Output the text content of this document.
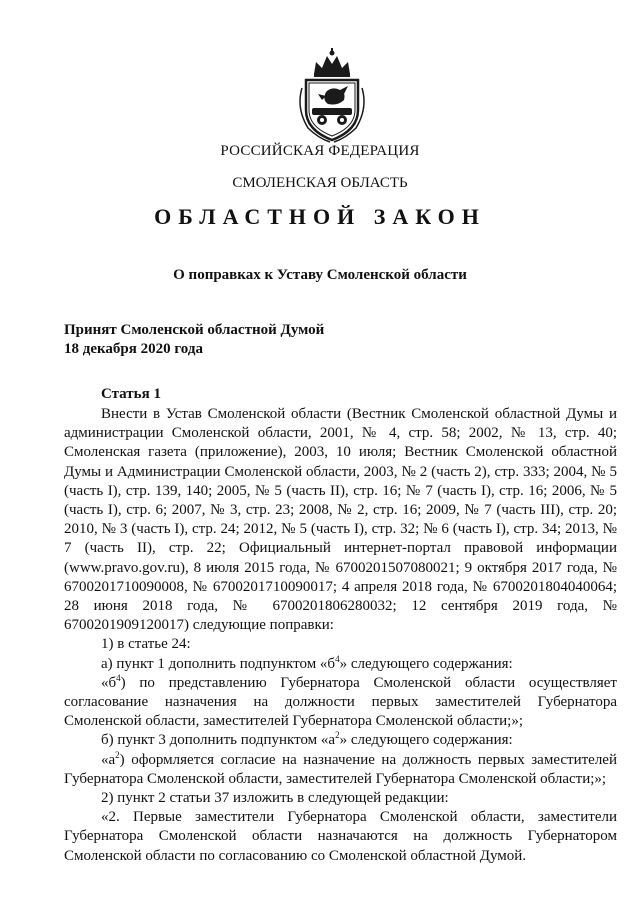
РОССИЙСКАЯ ФЕДЕРАЦИЯ
СМОЛЕНСКАЯ ОБЛАСТЬ
ОБЛАСТНОЙ ЗАКОН
О поправках к Уставу Смоленской области
Принят Смоленской областной Думой
18 декабря 2020 года
Статья 1

Внести в Устав Смоленской области (Вестник Смоленской областной Думы и администрации Смоленской области, 2001, № 4, стр. 58; 2002, № 13, стр. 40; Смоленская газета (приложение), 2003, 10 июля; Вестник Смоленской областной Думы и Администрации Смоленской области, 2003, № 2 (часть 2), стр. 333; 2004, № 5 (часть I), стр. 139, 140; 2005, № 5 (часть II), стр. 16; № 7 (часть I), стр. 16; 2006, № 5 (часть I), стр. 6; 2007, № 3, стр. 23; 2008, № 2, стр. 16; 2009, № 7 (часть III), стр. 20; 2010, № 3 (часть I), стр. 24; 2012, № 5 (часть I), стр. 32; № 6 (часть I), стр. 34; 2013, № 7 (часть II), стр. 22; Официальный интернет-портал правовой информации (www.pravo.gov.ru), 8 июля 2015 года, № 6700201507080021; 9 октября 2017 года, № 6700201710090008, № 6700201710090017; 4 апреля 2018 года, № 6700201804040064; 28 июня 2018 года, № 6700201806280032; 12 сентября 2019 года, № 6700201909120017) следующие поправки:

1) в статье 24:

а) пункт 1 дополнить подпунктом «$б^4$» следующего содержания:

«$б^4$) по представлению Губернатора Смоленской области осуществляет согласование назначения на должности первых заместителей Губернатора Смоленской области, заместителей Губернатора Смоленской области;»;

б) пункт 3 дополнить подпунктом «$а^2$» следующего содержания:

«$а^2$) оформляется согласие на назначение на должность первых заместителей Губернатора Смоленской области, заместителей Губернатора Смоленской области;»;

2) пункт 2 статьи 37 изложить в следующей редакции:

«2. Первые заместители Губернатора Смоленской области, заместители Губернатора Смоленской области назначаются на должность Губернатором Смоленской области по согласованию со Смоленской областной Думой.
